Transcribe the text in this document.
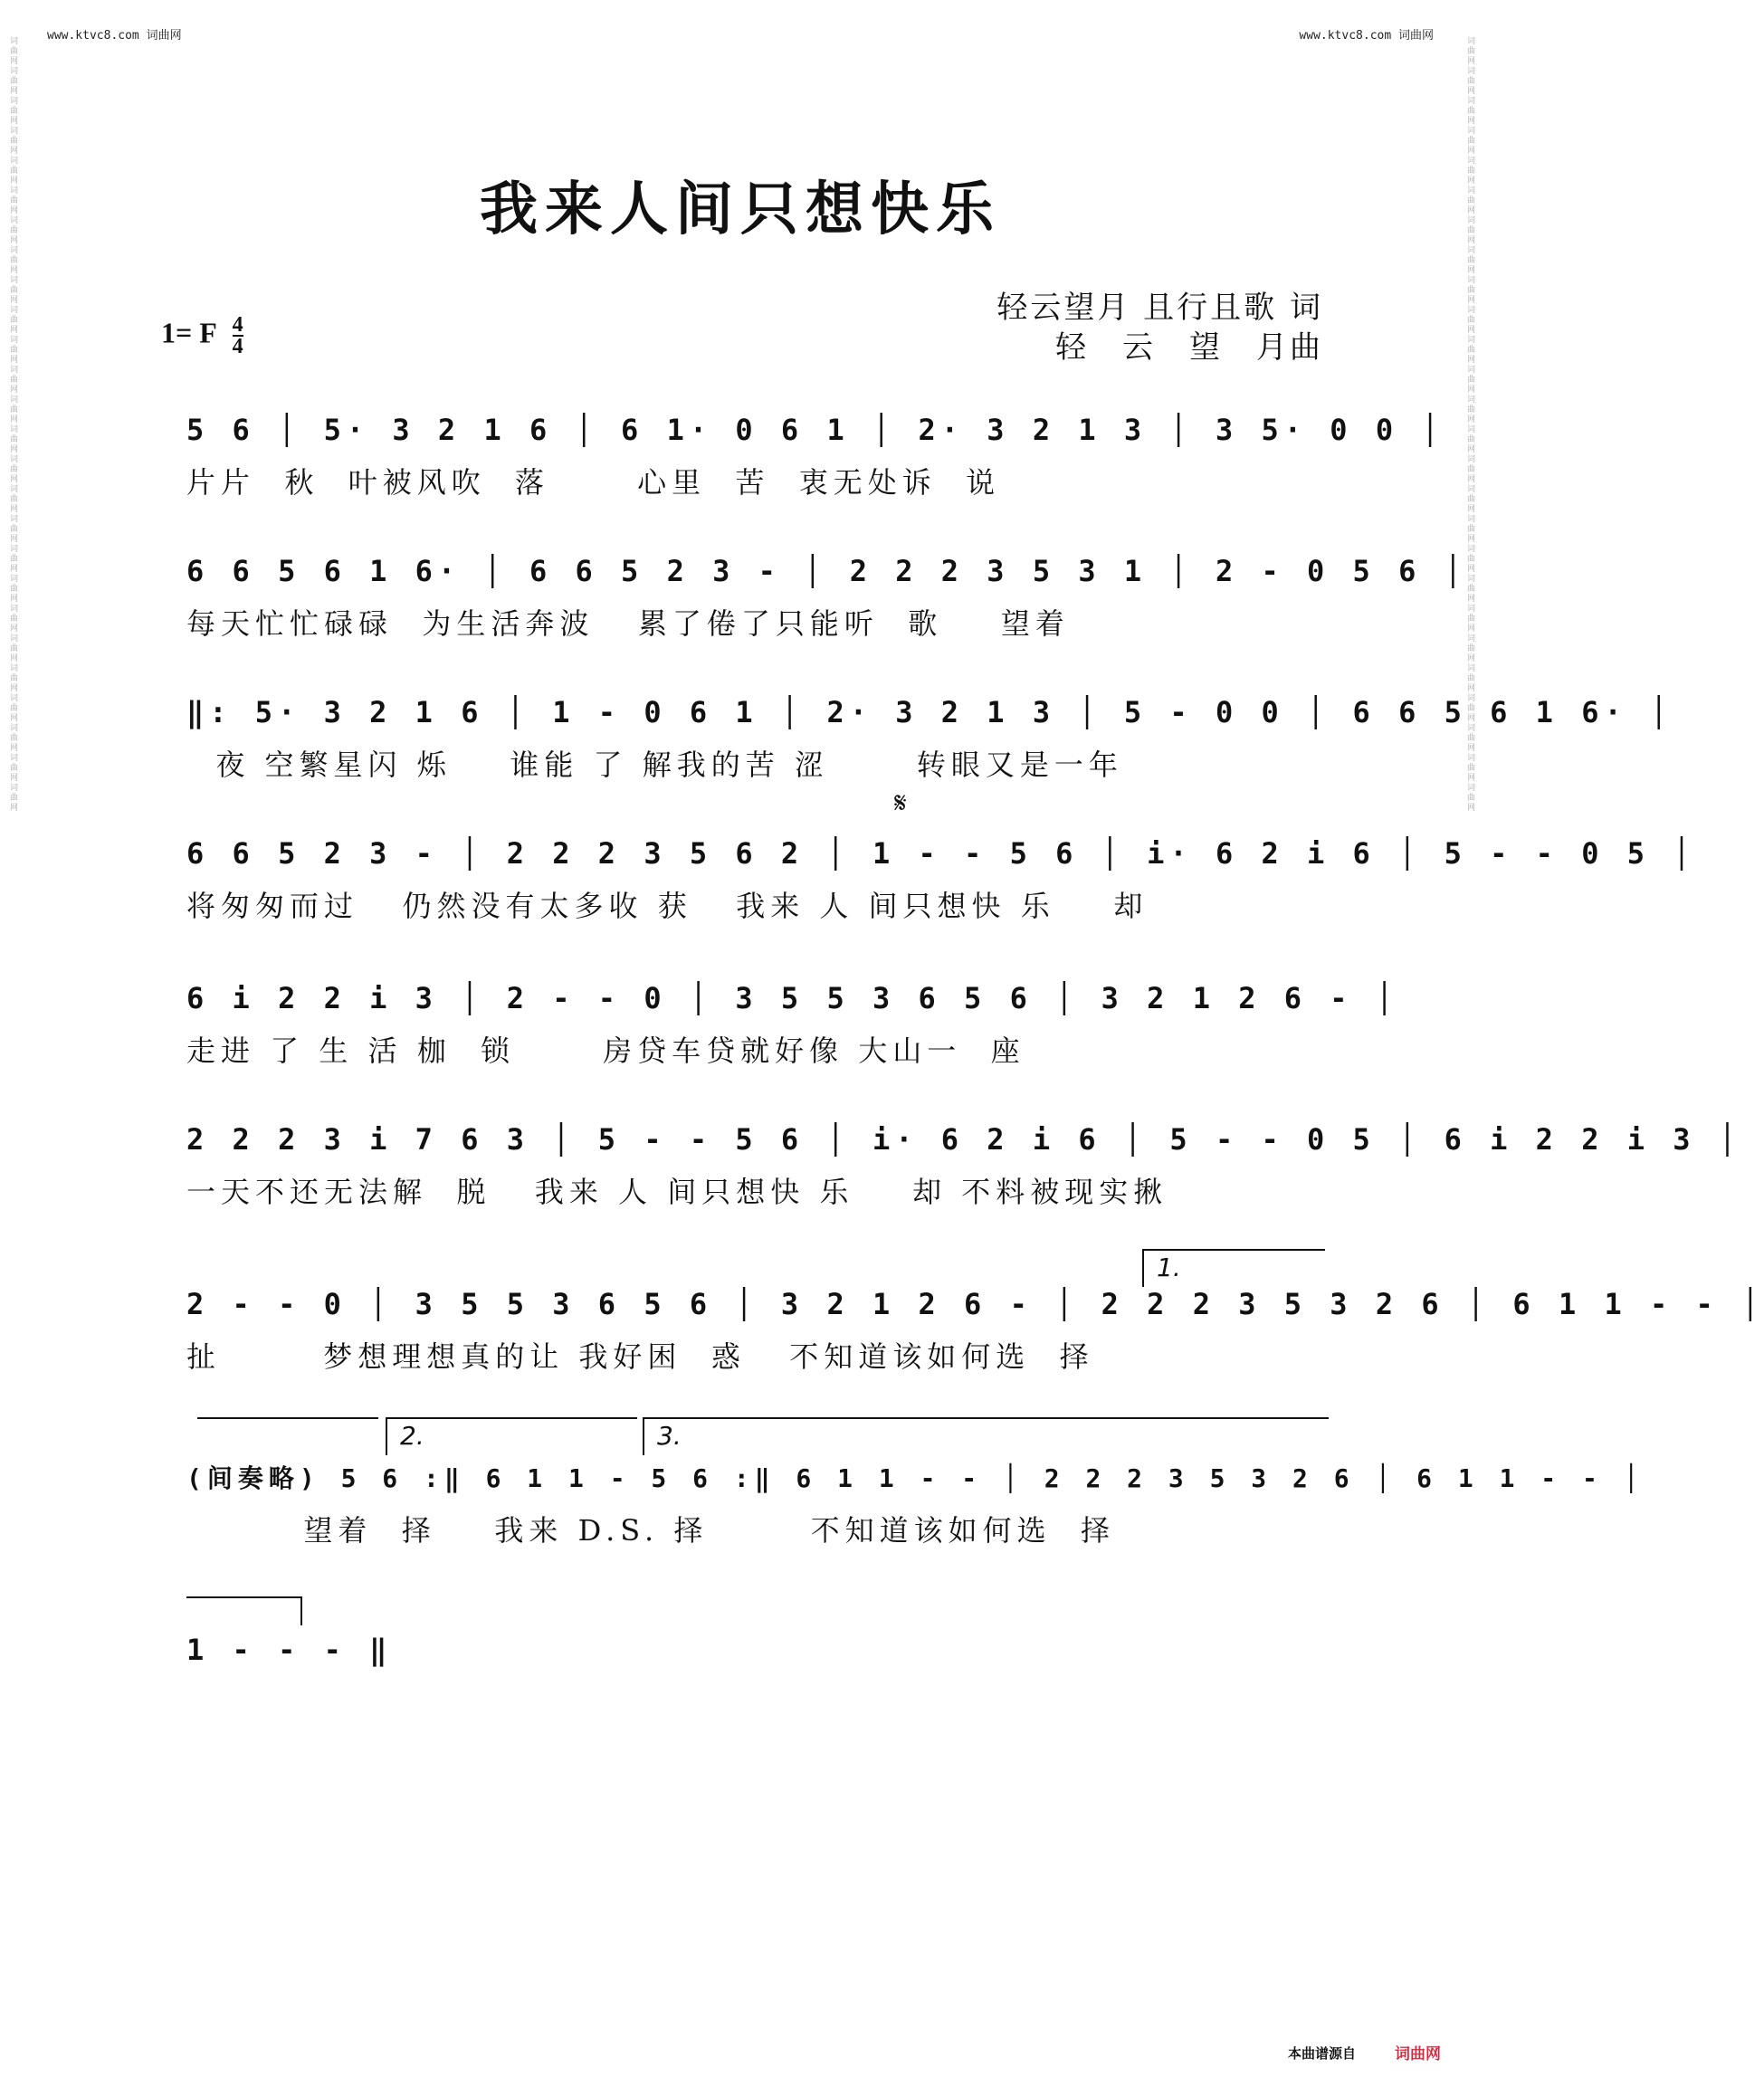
www.ktvc8.com 词曲网	www.ktvc8.com 词曲网
词曲网词曲网词曲网词曲网词曲网词曲网词曲网词曲网词曲网词曲网词曲网词曲网词曲网词曲网词曲网词曲网词曲网词曲网词曲网词曲网词曲网词曲网词曲网词曲网词曲网词曲网	词曲网词曲网词曲网词曲网词曲网词曲网词曲网词曲网词曲网词曲网词曲网词曲网词曲网词曲网词曲网词曲网词曲网词曲网词曲网词曲网词曲网词曲网词曲网词曲网词曲网词曲网
我来人间只想快乐
轻云望月 且行且歌 词
轻　云　望　月曲
1= F $\frac{4}{4}$
5 6 │ 5· 3 2 1 6 │ 6 1· 0 6 1 │ 2· 3 2 1 3 │ 3 5· 0 0 │
片片  秋  叶被风吹  落      心里  苦  衷无处诉  说
6 6 5 6 1 6· │ 6 6 5 2 3 - │ 2 2 2 3 5 3 1 │ 2 - 0 5 6 │
每天忙忙碌碌  为生活奔波   累了倦了只能听  歌    望着
‖: 5· 3 2 1 6 │ 1 - 0 6 1 │ 2· 3 2 1 3 │ 5 - 0 0 │ 6 6 5 6 1 6· │
夜 空繁星闪 烁    谁能 了 解我的苦 涩      转眼又是一年
𝄋
6 6 5 2 3 - │ 2 2 2 3 5 6 2 │ 1 - - 5 6 │ i· 6 2 i 6 │ 5 - - 0 5 │
将匆匆而过   仍然没有太多收 获   我来 人 间只想快 乐    却
6 i 2 2 i 3 │ 2 - - 0 │ 3 5 5 3 6 5 6 │ 3 2 1 2 6 - │
走进 了 生 活 枷  锁      房贷车贷就好像 大山一  座
2 2 2 3 i 7 6 3 │ 5 - - 5 6 │ i· 6 2 i 6 │ 5 - - 0 5 │ 6 i 2 2 i 3 │
一天不还无法解  脱   我来 人 间只想快 乐    却 不料被现实揪
1.
2 - - 0 │ 3 5 5 3 6 5 6 │ 3 2 1 2 6 - │ 2 2 2 3 5 3 2 6 │ 6 1 1 - - │
扯       梦想理想真的让 我好困  惑   不知道该如何选  择
2.	3.
(间奏略) 5 6 :‖ 6 1 1 - 5 6 :‖ 6 1 1 - - │ 2 2 2 3 5 3 2 6 │ 6 1 1 - - │
望着  择    我来 D.S. 择       不知道该如何选  择
1 - - - ‖
本曲谱源自	词曲网
